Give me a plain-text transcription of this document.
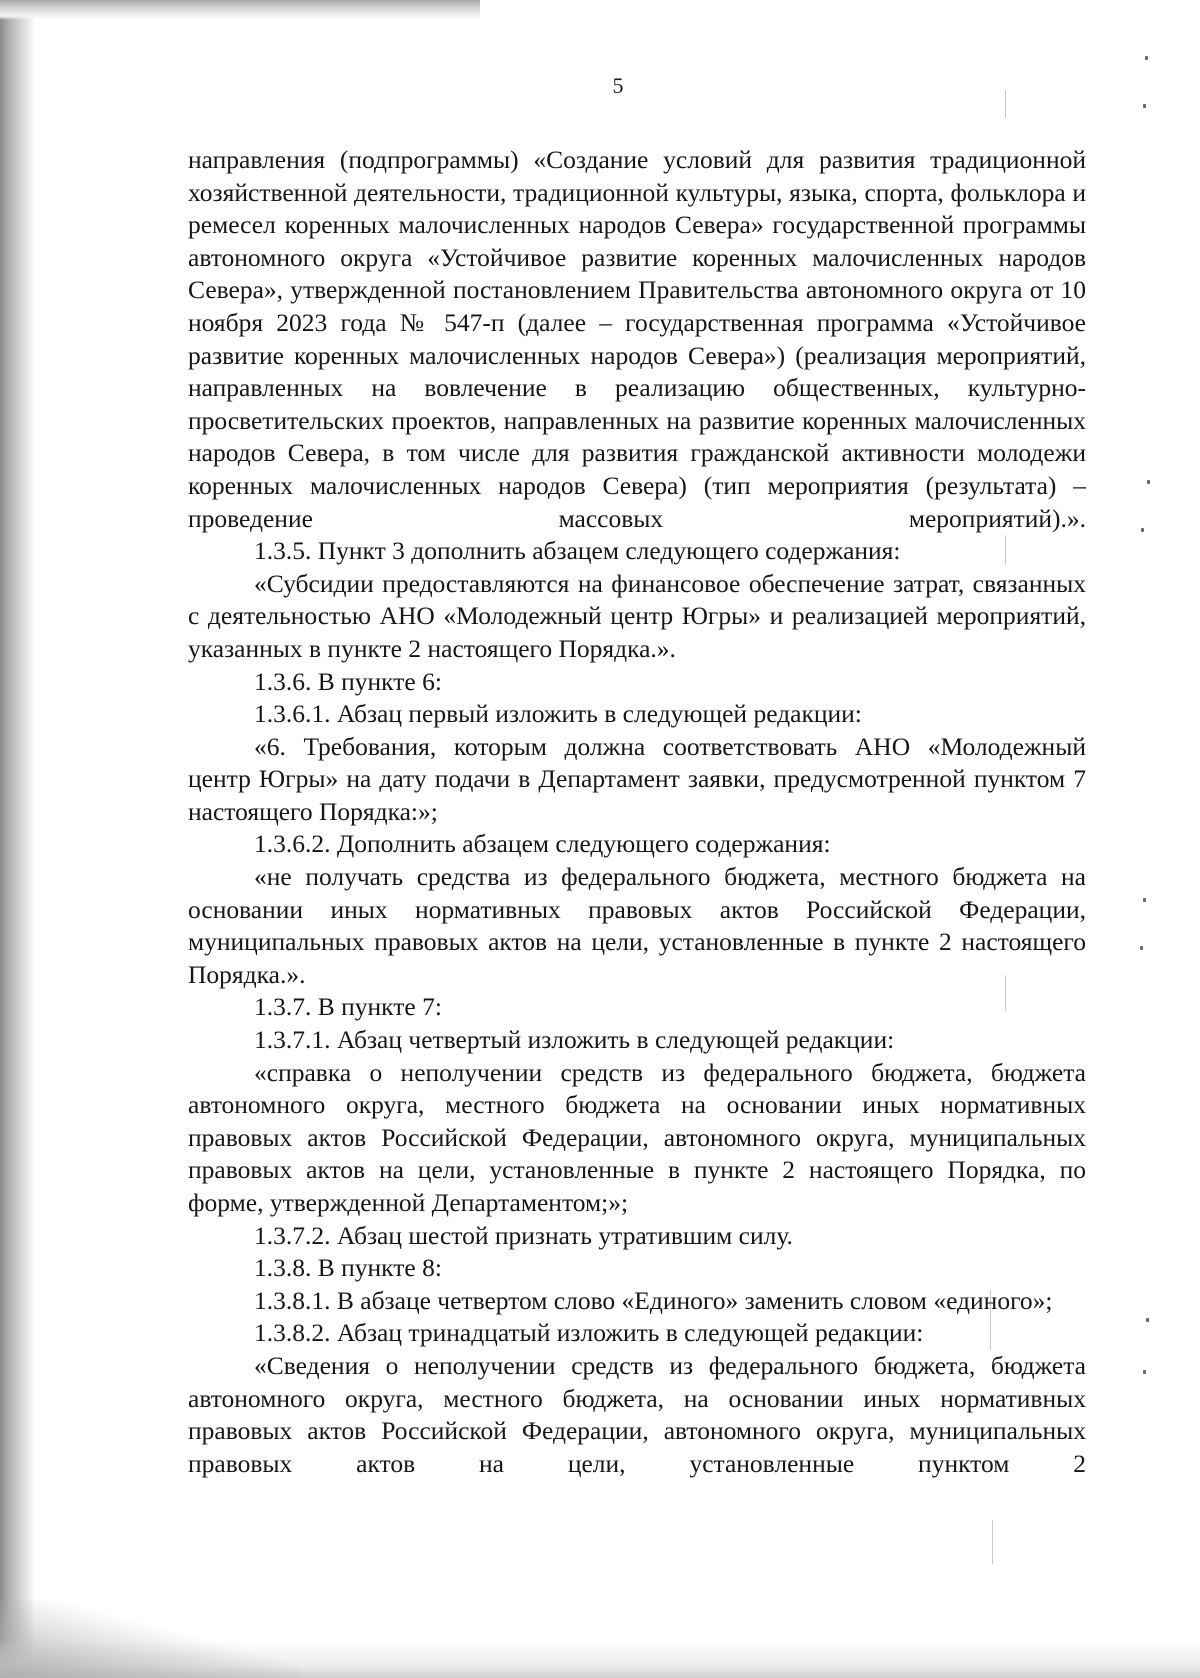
5

направления (подпрограммы) «Создание условий для развития традиционной хозяйственной деятельности, традиционной культуры, языка, спорта, фольклора и ремесел коренных малочисленных народов Севера» государственной программы автономного округа «Устойчивое развитие коренных малочисленных народов Севера», утвержденной постановлением Правительства автономного округа от 10 ноября 2023 года № 547-п (далее – государственная программа «Устойчивое развитие коренных малочисленных народов Севера») (реализация мероприятий, направленных на вовлечение в реализацию общественных, культурно-просветительских проектов, направленных на развитие коренных малочисленных народов Севера, в том числе для развития гражданской активности молодежи коренных малочисленных народов Севера) (тип мероприятия (результата) – проведение массовых мероприятий).».

1.3.5. Пункт 3 дополнить абзацем следующего содержания:

«Субсидии предоставляются на финансовое обеспечение затрат, связанных с деятельностью АНО «Молодежный центр Югры» и реализацией мероприятий, указанных в пункте 2 настоящего Порядка.».

1.3.6. В пункте 6:

1.3.6.1. Абзац первый изложить в следующей редакции:

«6. Требования, которым должна соответствовать АНО «Молодежный центр Югры» на дату подачи в Департамент заявки, предусмотренной пунктом 7 настоящего Порядка:»;

1.3.6.2. Дополнить абзацем следующего содержания:

«не получать средства из федерального бюджета, местного бюджета на основании иных нормативных правовых актов Российской Федерации, муниципальных правовых актов на цели, установленные в пункте 2 настоящего Порядка.».

1.3.7. В пункте 7:

1.3.7.1. Абзац четвертый изложить в следующей редакции:

«справка о неполучении средств из федерального бюджета, бюджета автономного округа, местного бюджета на основании иных нормативных правовых актов Российской Федерации, автономного округа, муниципальных правовых актов на цели, установленные в пункте 2 настоящего Порядка, по форме, утвержденной Департаментом;»;

1.3.7.2. Абзац шестой признать утратившим силу.

1.3.8. В пункте 8:

1.3.8.1. В абзаце четвертом слово «Единого» заменить словом «единого»;

1.3.8.2. Абзац тринадцатый изложить в следующей редакции:

«Сведения о неполучении средств из федерального бюджета, бюджета автономного округа, местного бюджета, на основании иных нормативных правовых актов Российской Федерации, автономного округа, муниципальных правовых актов на цели, установленные пунктом 2
